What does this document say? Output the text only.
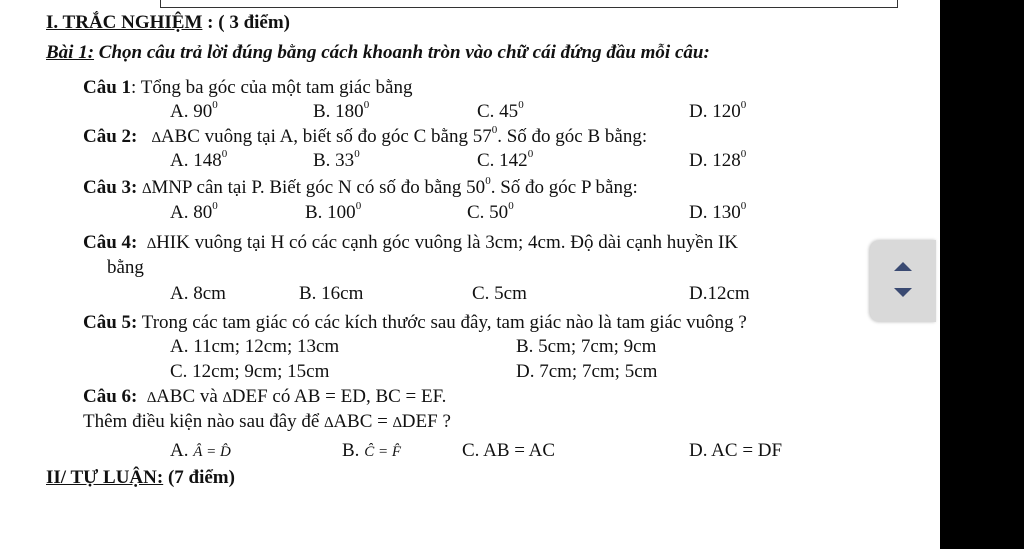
I. TRẮC NGHIỆM : ( 3 điểm)
Bài 1: Chọn câu trả lời đúng bằng cách khoanh tròn vào chữ cái đứng đầu mỗi câu:
Câu 1: Tổng ba góc của một tam giác bằng
A. $90^0$	B. $180^0$	C. $45^0$	D. $120^0$
Câu 2: ∆ABC vuông tại A, biết số đo góc C bằng $57^0$. Số đo góc B bằng:
A. $148^0$	B. $33^0$	C. $142^0$	D. $128^0$
Câu 3: ∆MNP cân tại P. Biết góc N có số đo bằng $50^0$. Số đo góc P bằng:
A. $80^0$	B. $100^0$	C. $50^0$	D. $130^0$
Câu 4: ∆HIK vuông tại H có các cạnh góc vuông là 3cm; 4cm. Độ dài cạnh huyền IK
bằng
A. 8cm	B. 16cm	C. 5cm	D.12cm
Câu 5: Trong các tam giác có các kích thước sau đây, tam giác nào là tam giác vuông ?
A. 11cm; 12cm; 13cm	B. 5cm; 7cm; 9cm
C. 12cm; 9cm; 15cm	D. 7cm; 7cm; 5cm
Câu 6: ∆ABC và ∆DEF có AB = ED, BC = EF.
Thêm điều kiện nào sau đây để ∆ABC = ∆DEF ?
A. Â = D̂	B. Ĉ = F̂	C. AB = AC	D. AC = DF
II/ TỰ LUẬN: (7 điểm)
